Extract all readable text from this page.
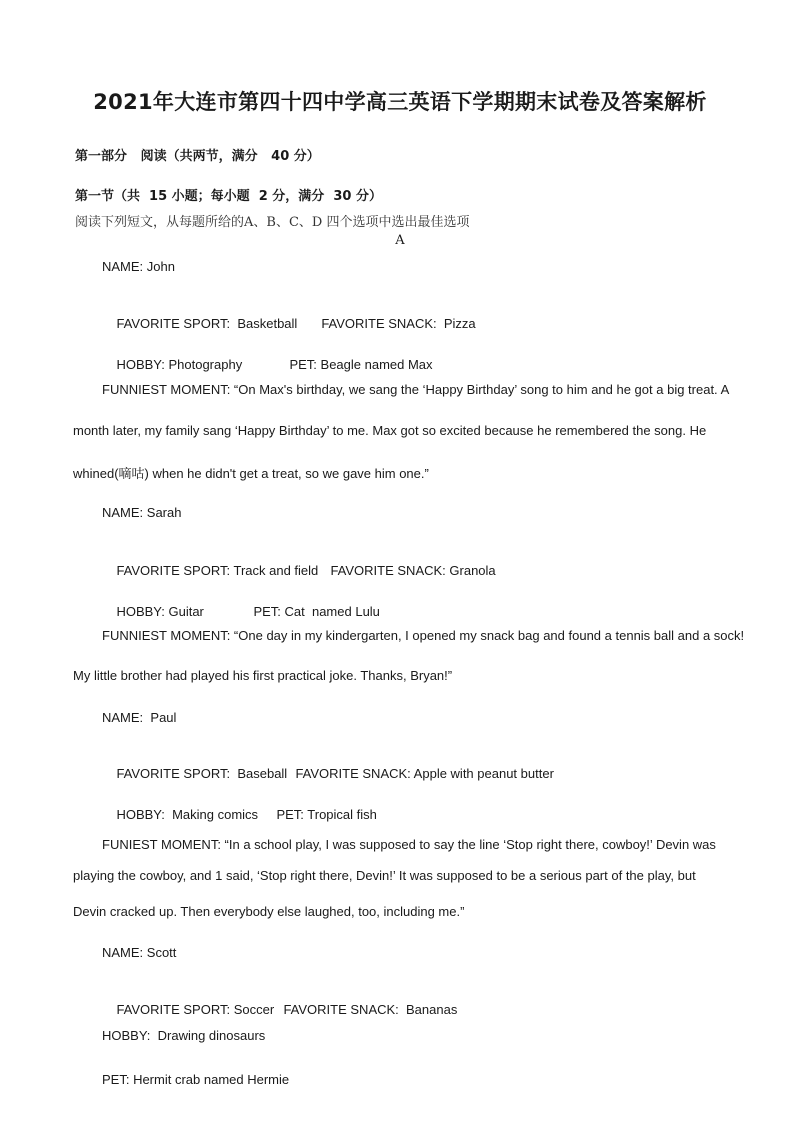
2021年大连市第四十四中学高三英语下学期期末试卷及答案解析
第一部分   阅读（共两节，满分   40 分）
第一节（共  15 小题；每小题  2 分，满分  30 分）
阅读下列短文，从每题所给的A、B、C、D 四个选项中选出最佳选项
A
NAME: John

FAVORITE SPORT:  Basketball FAVORITE SNACK:  Pizza

HOBBY: Photography	PET: Beagle named Max

FUNNIEST MOMENT: “On Max's birthday, we sang the ‘Happy Birthday’ song to him and he got a big treat. A
month later, my family sang ‘Happy Birthday’ to me. Max got so excited because he remembered the song. He
whined(嘀咕) when he didn't get a treat, so we gave him one.”
NAME: Sarah

FAVORITE SPORT: Track and field FAVORITE SNACK: Granola

HOBBY: Guitar	PET: Cat  named Lulu

FUNNIEST MOMENT: “One day in my kindergarten, I opened my snack bag and found a tennis ball and a sock!
My little brother had played his first practical joke. Thanks, Bryan!”
NAME:  Paul

FAVORITE SPORT:  Baseball FAVORITE SNACK: Apple with peanut butter

HOBBY:  Making comics PET: Tropical fish

FUNIEST MOMENT: “In a school play, I was supposed to say the line ‘Stop right there, cowboy!’ Devin was
playing the cowboy, and 1 said, ‘Stop right there, Devin!’ It was supposed to be a serious part of the play, but
Devin cracked up. Then everybody else laughed, too, including me.”
NAME: Scott

FAVORITE SPORT: Soccer FAVORITE SNACK:  Bananas

HOBBY:  Drawing dinosaurs
PET: Hermit crab named Hermie
